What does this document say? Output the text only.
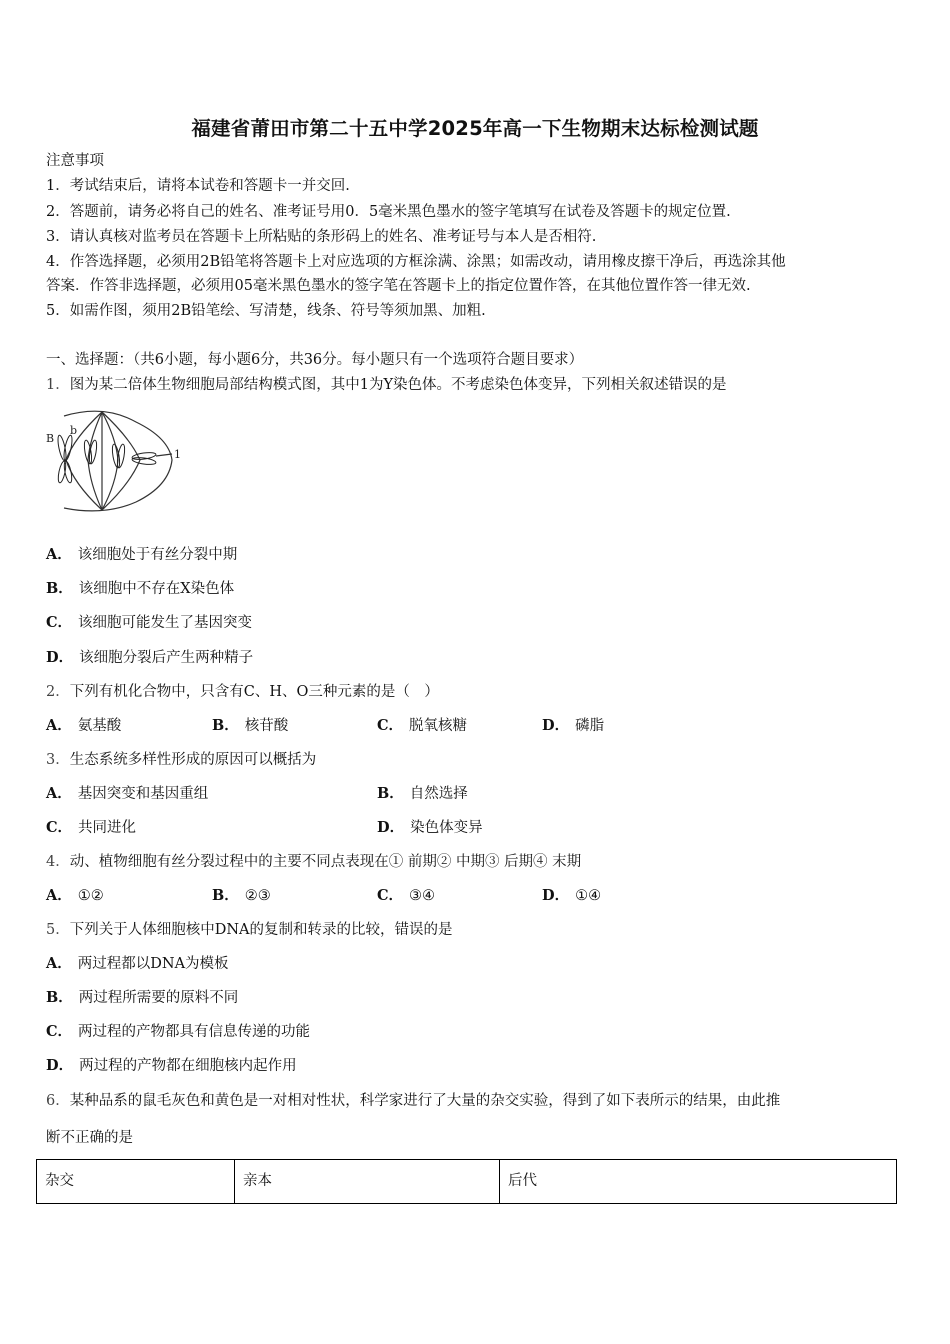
福建省莆田市第二十五中学2025年高一下生物期末达标检测试题
注意事项
1．考试结束后，请将本试卷和答题卡一并交回.
2．答题前，请务必将自己的姓名、准考证号用0．5毫米黑色墨水的签字笔填写在试卷及答题卡的规定位置.
3．请认真核对监考员在答题卡上所粘贴的条形码上的姓名、准考证号与本人是否相符.
4．作答选择题，必须用2B铅笔将答题卡上对应选项的方框涂满、涂黑；如需改动，请用橡皮擦干净后，再选涂其他
答案．作答非选择题，必须用05毫米黑色墨水的签字笔在答题卡上的指定位置作答，在其他位置作答一律无效.
5．如需作图，须用2B铅笔绘、写清楚，线条、符号等须加黑、加粗.
一、选择题：（共6小题，每小题6分，共36分。每小题只有一个选项符合题目要求）
1．图为某二倍体生物细胞局部结构模式图，其中1为Y染色体。不考虑染色体变异，下列相关叙述错误的是
B
b
1
A． 该细胞处于有丝分裂中期
B． 该细胞中不存在X染色体
C． 该细胞可能发生了基因突变
D． 该细胞分裂后产生两种精子
2．下列有机化合物中，只含有C、H、O三种元素的是（　）
A． 氨基酸	B． 核苷酸	C． 脱氧核糖	D． 磷脂
3．生态系统多样性形成的原因可以概括为
A． 基因突变和基因重组	B． 自然选择
C． 共同进化	D． 染色体变异
4．动、植物细胞有丝分裂过程中的主要不同点表现在① 前期② 中期③ 后期④ 末期
A． ①②	B． ②③	C． ③④	D． ①④
5．下列关于人体细胞核中DNA的复制和转录的比较，错误的是
A． 两过程都以DNA为模板
B． 两过程所需要的原料不同
C． 两过程的产物都具有信息传递的功能
D． 两过程的产物都在细胞核内起作用
6．某种品系的鼠毛灰色和黄色是一对相对性状，科学家进行了大量的杂交实验，得到了如下表所示的结果，由此推
断不正确的是
杂交	亲本	后代
